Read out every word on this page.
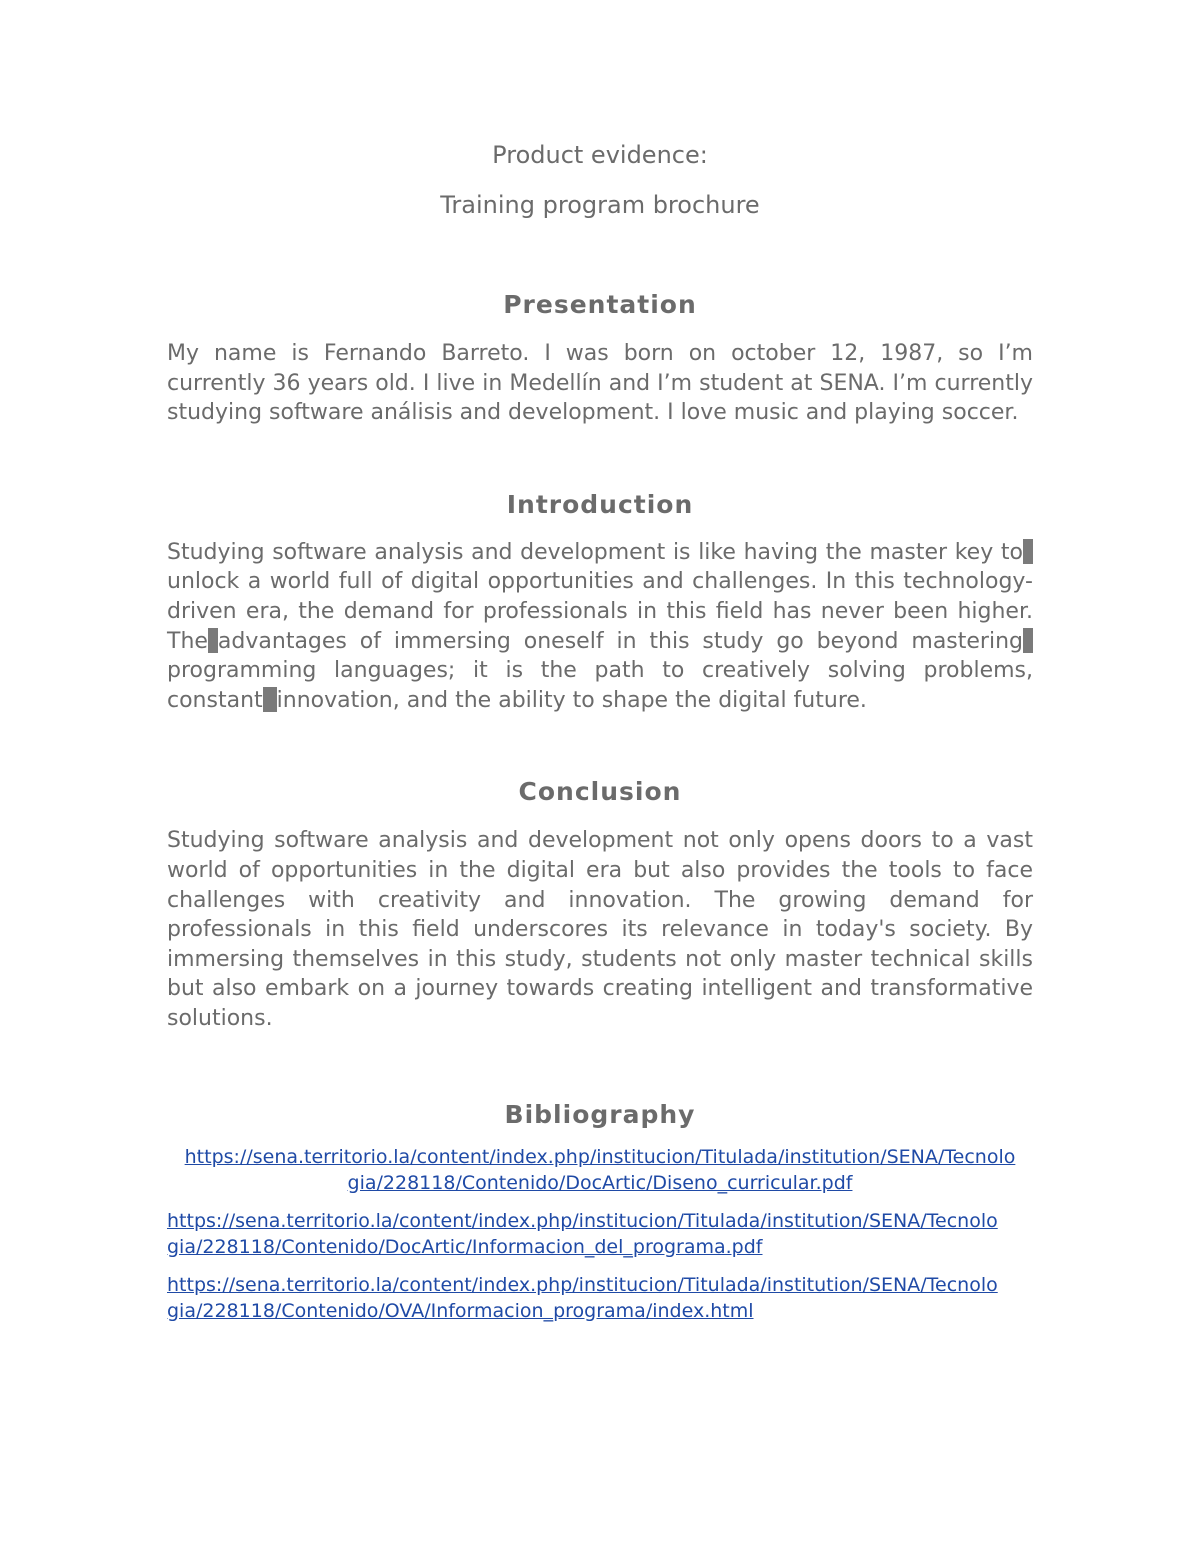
Product evidence:

Training program brochure

Presentation

My name is Fernando Barreto. I was born on october 12, 1987, so I’m currently 36 years old. I live in Medellín and I’m student at SENA. I’m currently studying software análisis and development. I love music and playing soccer.

Introduction

Studying software analysis and development is like having the master key tounlock a world full of digital opportunities and challenges. In this technology-driven era, the demand for professionals in this field has never been higher. The advantages of immersing oneself in this study go beyond masteringprogramming languages; it is the path to creatively solving problems, constant innovation, and the ability to shape the digital future.

Conclusion

Studying software analysis and development not only opens doors to a vast world of opportunities in the digital era but also provides the tools to face challenges with creativity and innovation. The growing demand for professionals in this field underscores its relevance in today's society. By immersing themselves in this study, students not only master technical skills but also embark on a journey towards creating intelligent and transformative solutions.

Bibliography

https://sena.territorio.la/content/index.php/institucion/Titulada/institution/SENA/Tecnolo
gia/228118/Contenido/DocArtic/Diseno_curricular.pdf

https://sena.territorio.la/content/index.php/institucion/Titulada/institution/SENA/Tecnolo
gia/228118/Contenido/DocArtic/Informacion_del_programa.pdf

https://sena.territorio.la/content/index.php/institucion/Titulada/institution/SENA/Tecnolo
gia/228118/Contenido/OVA/Informacion_programa/index.html
